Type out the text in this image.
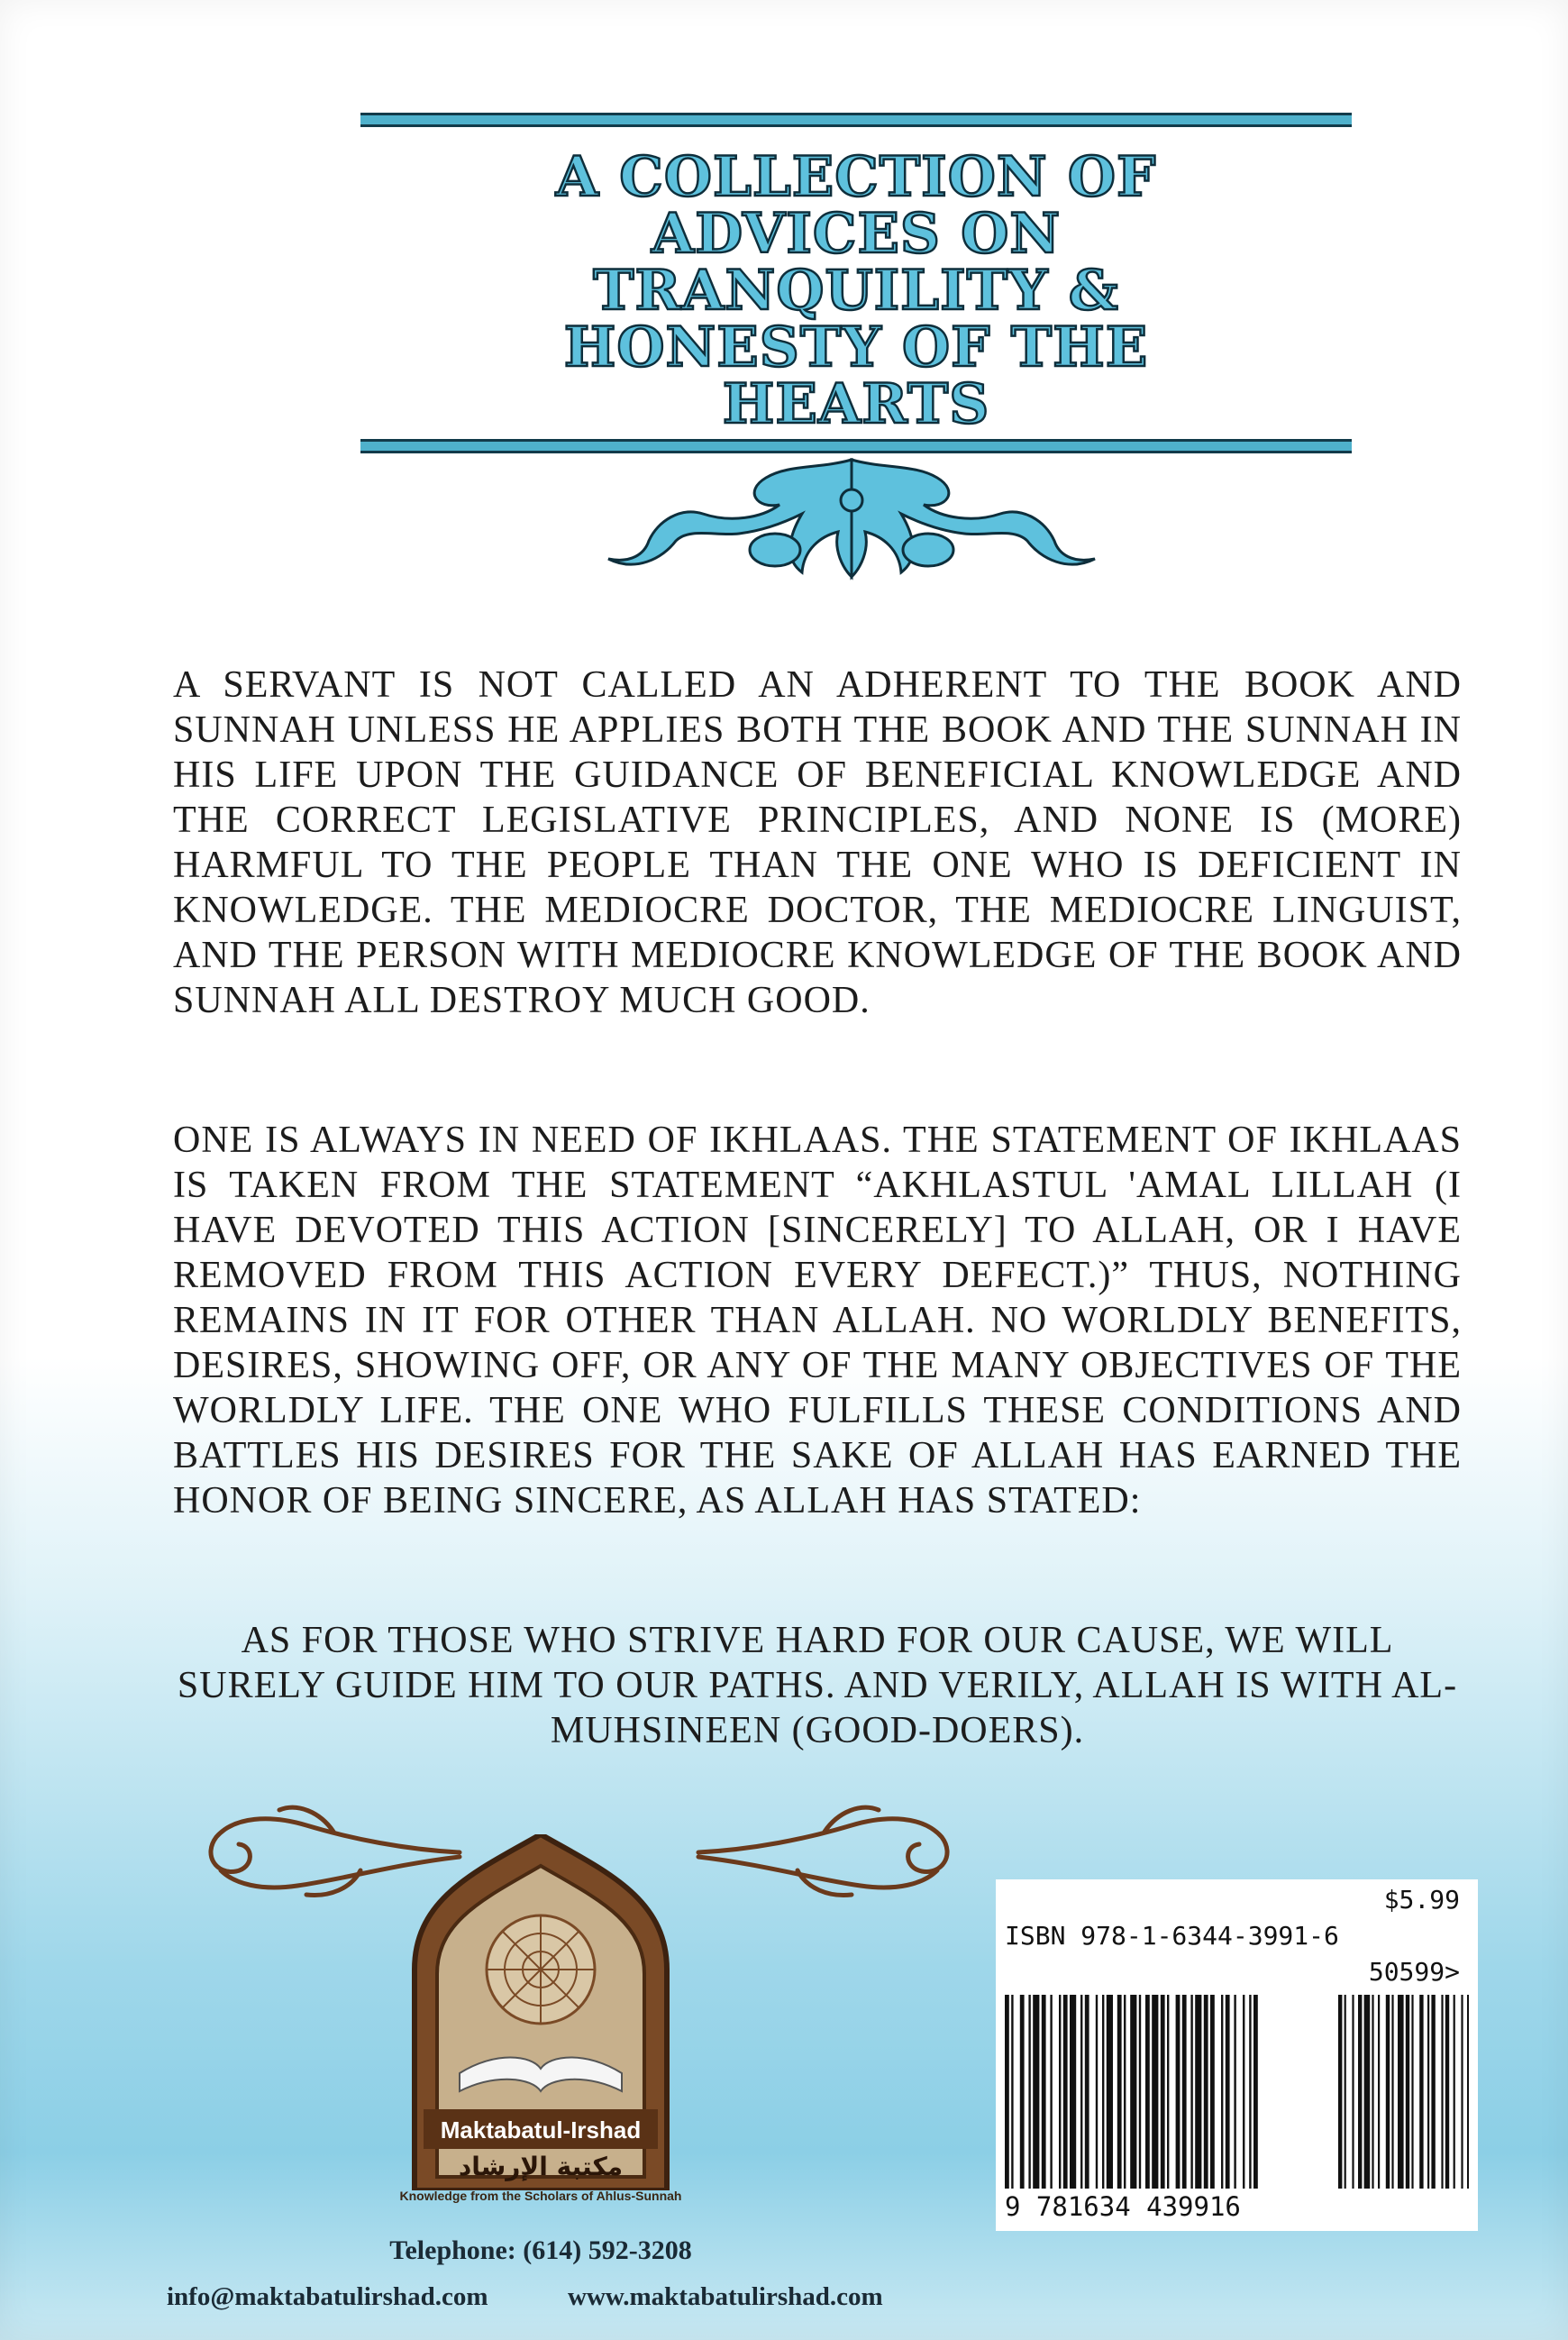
A COLLECTION OF
ADVICES ON
TRANQUILITY &
HONESTY OF THE
HEARTS
A SERVANT IS NOT CALLED AN ADHERENT TO THE BOOK AND SUNNAH UNLESS HE APPLIES BOTH THE BOOK AND THE SUNNAH IN HIS LIFE UPON THE GUIDANCE OF BENEFICIAL KNOWLEDGE AND THE CORRECT LEGISLATIVE PRINCIPLES, AND NONE IS (MORE) HARMFUL TO THE PEOPLE THAN THE ONE WHO IS DEFICIENT IN KNOWLEDGE. THE MEDIOCRE DOCTOR, THE MEDIOCRE LINGUIST, AND THE PERSON WITH MEDIOCRE KNOWLEDGE OF THE BOOK AND SUNNAH ALL DESTROY MUCH GOOD.
ONE IS ALWAYS IN NEED OF IKHLAAS. THE STATEMENT OF IKHLAAS IS TAKEN FROM THE STATEMENT “AKHLASTUL 'AMAL LILLAH (I HAVE DEVOTED THIS ACTION [SINCERELY] TO ALLAH, OR I HAVE REMOVED FROM THIS ACTION EVERY DEFECT.)” THUS, NOTHING REMAINS IN IT FOR OTHER THAN ALLAH. NO WORLDLY BENEFITS, DESIRES, SHOWING OFF, OR ANY OF THE MANY OBJECTIVES OF THE WORLDLY LIFE. THE ONE WHO FULFILLS THESE CONDITIONS AND BATTLES HIS DESIRES FOR THE SAKE OF ALLAH HAS EARNED THE HONOR OF BEING SINCERE, AS ALLAH HAS STATED:
AS FOR THOSE WHO STRIVE HARD FOR OUR CAUSE, WE WILL SURELY GUIDE HIM TO OUR PATHS. AND VERILY, ALLAH IS WITH AL-MUHSINEEN (GOOD-DOERS).
Maktabatul-Irshad
مكتبة الإرشاد
Knowledge from the Scholars of Ahlus-Sunnah
Telephone: (614) 592-3208
info@maktabatulirshad.com	www.maktabatulirshad.com
$5.99
ISBN 978-1-6344-3991-6
50599>
9 781634 439916
